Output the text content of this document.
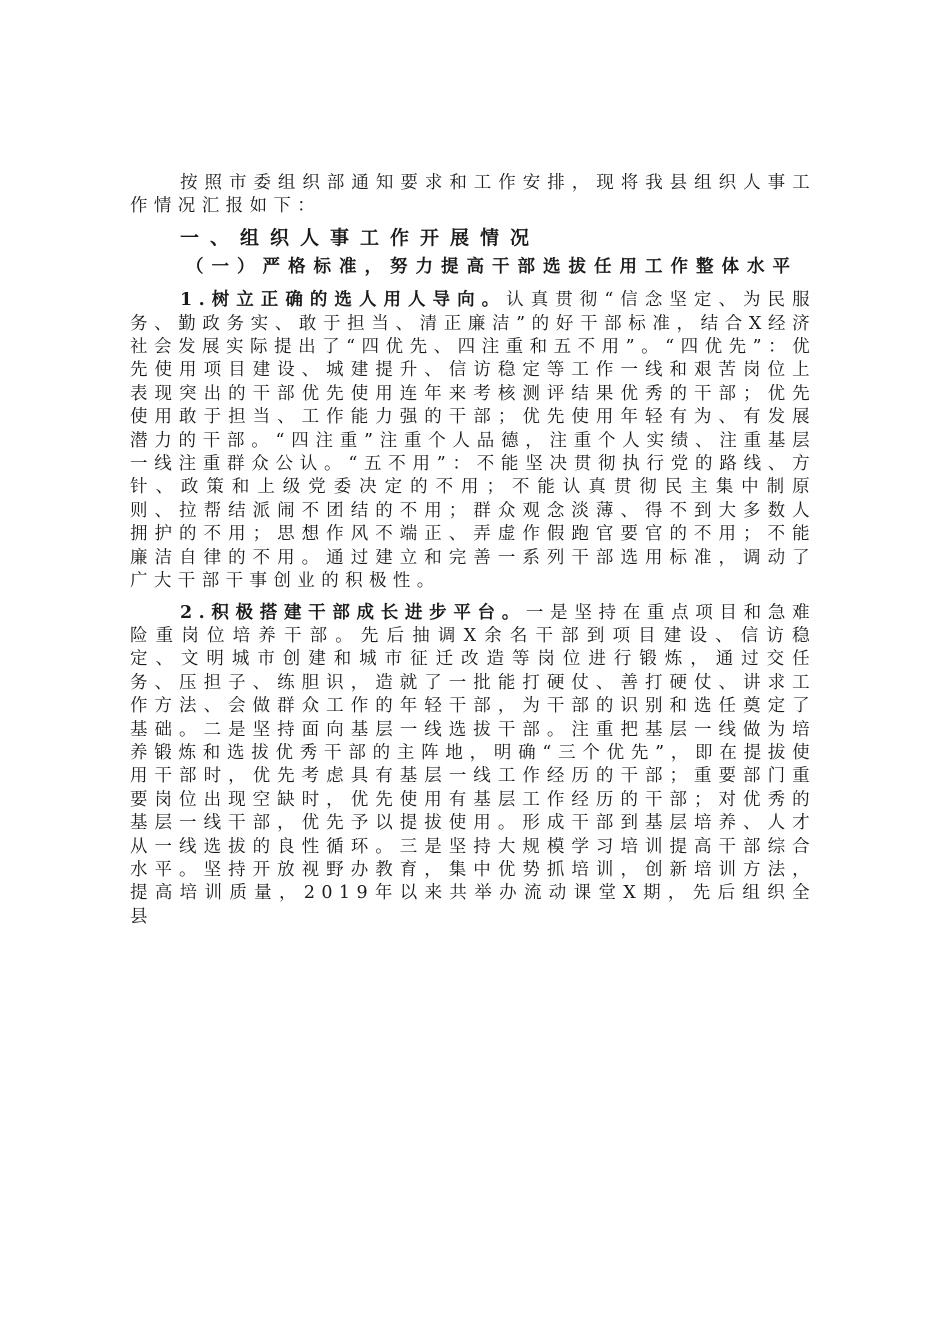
按照市委组织部通知要求和工作安排，现将我县组织人事工作情况汇报如下：

一、组织人事工作开展情况

（一）严格标准，努力提高干部选拔任用工作整体水平

1.树立正确的选人用人导向。认真贯彻“信念坚定、为民服务、勤政务实、敢于担当、清正廉洁”的好干部标准，结合X经济社会发展实际提出了“四优先、四注重和五不用”。“四优先”：优先使用项目建设、城建提升、信访稳定等工作一线和艰苦岗位上表现突出的干部优先使用连年来考核测评结果优秀的干部；优先使用敢于担当、工作能力强的干部；优先使用年轻有为、有发展潜力的干部。“四注重”注重个人品德，注重个人实绩、注重基层一线注重群众公认。“五不用”：不能坚决贯彻执行党的路线、方针、政策和上级党委决定的不用；不能认真贯彻民主集中制原则、拉帮结派闹不团结的不用；群众观念淡薄、得不到大多数人拥护的不用；思想作风不端正、弄虚作假跑官要官的不用；不能廉洁自律的不用。通过建立和完善一系列干部选用标准，调动了广大干部干事创业的积极性。

2.积极搭建干部成长进步平台。一是坚持在重点项目和急难险重岗位培养干部。先后抽调X余名干部到项目建设、信访稳定、文明城市创建和城市征迁改造等岗位进行锻炼，通过交任务、压担子、练胆识，造就了一批能打硬仗、善打硬仗、讲求工作方法、会做群众工作的年轻干部，为干部的识别和选任奠定了基础。二是坚持面向基层一线选拔干部。注重把基层一线做为培养锻炼和选拔优秀干部的主阵地，明确“三个优先”，即在提拔使用干部时，优先考虑具有基层一线工作经历的干部；重要部门重要岗位出现空缺时，优先使用有基层工作经历的干部；对优秀的基层一线干部，优先予以提拔使用。形成干部到基层培养、人才从一线选拔的良性循环。三是坚持大规模学习培训提高干部综合水平。坚持开放视野办教育，集中优势抓培训，创新培训方法，提高培训质量，2019年以来共举办流动课堂X期，先后组织全县
